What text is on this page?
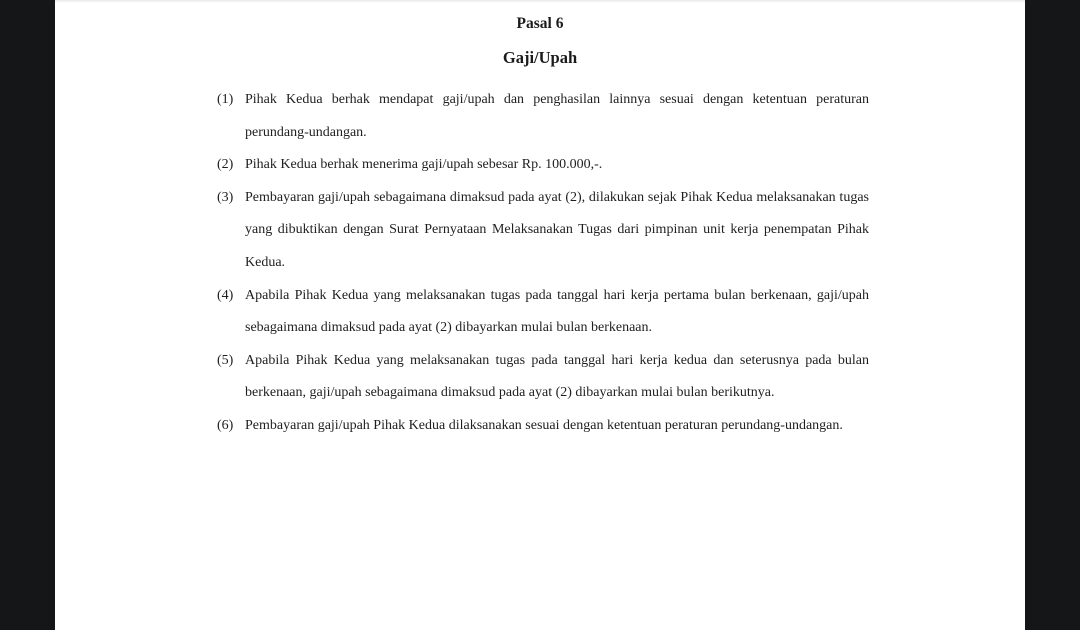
Pasal 6
Gaji/Upah
(1) Pihak Kedua berhak mendapat gaji/upah dan penghasilan lainnya sesuai dengan ketentuan peraturan perundang-undangan.
(2) Pihak Kedua berhak menerima gaji/upah sebesar Rp. 100.000,-.
(3) Pembayaran gaji/upah sebagaimana dimaksud pada ayat (2), dilakukan sejak Pihak Kedua melaksanakan tugas yang dibuktikan dengan Surat Pernyataan Melaksanakan Tugas dari pimpinan unit kerja penempatan Pihak Kedua.
(4) Apabila Pihak Kedua yang melaksanakan tugas pada tanggal hari kerja pertama bulan berkenaan, gaji/upah sebagaimana dimaksud pada ayat (2) dibayarkan mulai bulan berkenaan.
(5) Apabila Pihak Kedua yang melaksanakan tugas pada tanggal hari kerja kedua dan seterusnya pada bulan berkenaan, gaji/upah sebagaimana dimaksud pada ayat (2) dibayarkan mulai bulan berikutnya.
(6) Pembayaran gaji/upah Pihak Kedua dilaksanakan sesuai dengan ketentuan peraturan perundang-undangan.
